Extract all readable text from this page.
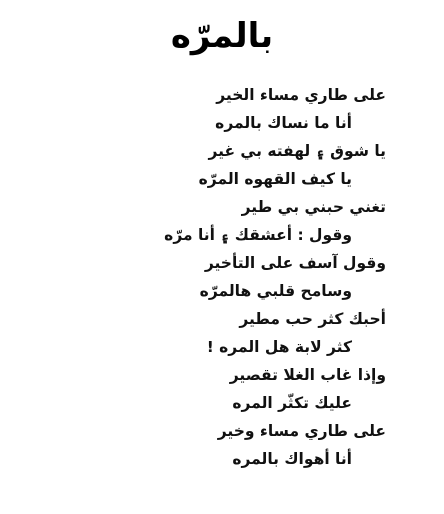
بالمرّه
على طاري مساء الخير
أنا ما نساك بالمره
يا شوق ۽ لهفته بي غير
يا كيف القهوه المرّه
تغني حبني بي طير
وقول : أعشقك ۽ أنا مرّه
وقول آسف على التأخير
وسامح قلبي هالمرّه
أحبك كثر حب مطير
كثر لابة هل المره !
وإذا غاب الغلا تقصير
عليك تكثّر المره
على طاري مساء وخير
أنا أهواك بالمره
